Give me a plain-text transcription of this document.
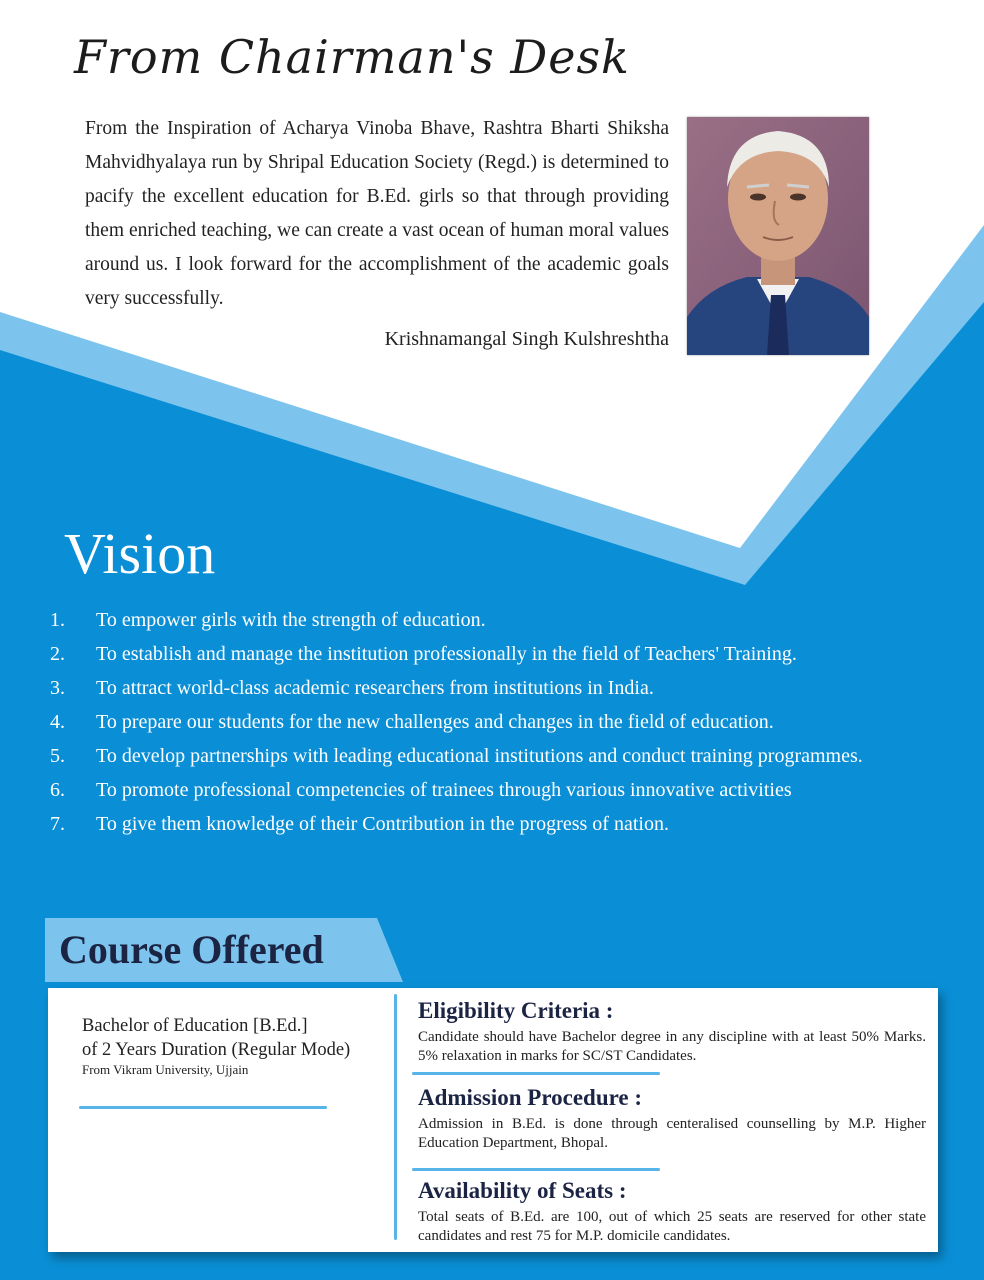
From Chairman's Desk

From the Inspiration of Acharya Vinoba Bhave, Rashtra Bharti Shiksha Mahvidhyalaya run by Shripal Education Society (Regd.) is determined to pacify the excellent education for B.Ed. girls so that through providing them enriched teaching, we can create a vast ocean of human moral values around us. I look forward for the accomplishment of the academic goals very successfully.

Krishnamangal Singh Kulshreshtha
Vision
1. To empower girls with the strength of education.
2. To establish and manage the institution professionally in the field of Teachers' Training.
3. To attract world-class academic researchers from institutions in India.
4. To prepare our students for the new challenges and changes in the field of education.
5. To develop partnerships with leading educational institutions and conduct training programmes.
6. To promote professional competencies of trainees through various innovative activities
7. To give them knowledge of their Contribution in the progress of nation.
Course Offered
Bachelor of Education [B.Ed.]
of 2 Years Duration (Regular Mode)
From Vikram University, Ujjain
Eligibility Criteria :

Candidate should have Bachelor degree in any discipline with at least 50% Marks. 5% relaxation in marks for SC/ST Candidates.

Admission Procedure :

Admission in B.Ed. is done through centeralised counselling by M.P. Higher Education Department, Bhopal.

Availability of Seats :

Total seats of B.Ed. are 100, out of which 25 seats are reserved for other state candidates and rest 75 for M.P. domicile candidates.
